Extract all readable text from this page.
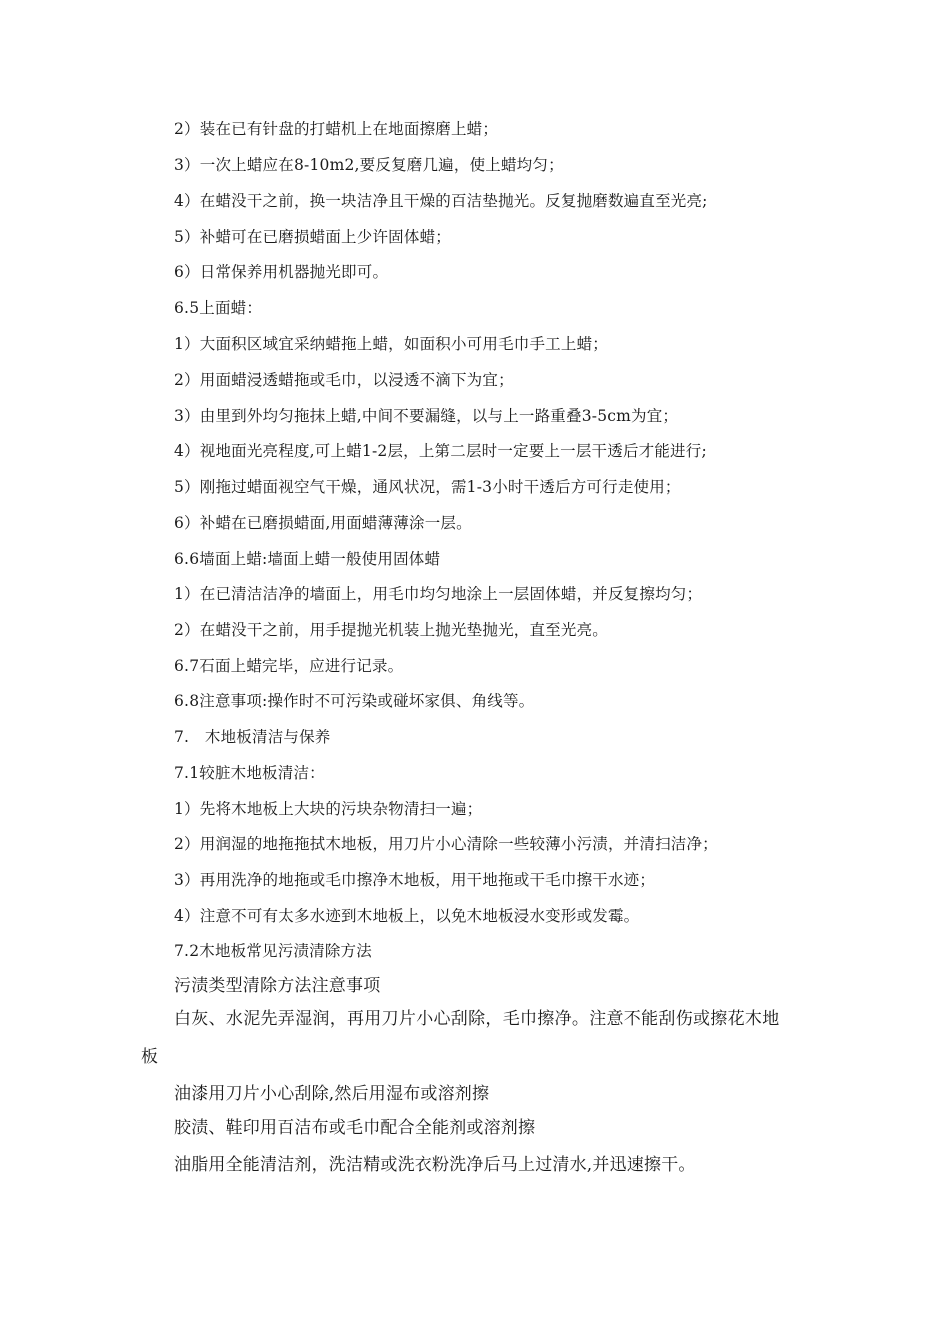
2）装在已有针盘的打蜡机上在地面擦磨上蜡；
3）一次上蜡应在8-10m2,要反复磨几遍，使上蜡均匀；
4）在蜡没干之前，换一块洁净且干燥的百洁垫抛光。反复抛磨数遍直至光亮;
5）补蜡可在已磨损蜡面上少许固体蜡；
6）日常保养用机器抛光即可。
6.5上面蜡：
1）大面积区域宜采纳蜡拖上蜡，如面积小可用毛巾手工上蜡；
2）用面蜡浸透蜡拖或毛巾，以浸透不滴下为宜；
3）由里到外均匀拖抹上蜡,中间不要漏缝，以与上一路重叠3-5cm为宜；
4）视地面光亮程度,可上蜡1-2层，上第二层时一定要上一层干透后才能进行;
5）刚拖过蜡面视空气干燥，通风状况，需1-3小时干透后方可行走使用；
6）补蜡在已磨损蜡面,用面蜡薄薄涂一层。
6.6墙面上蜡:墙面上蜡一般使用固体蜡
1）在已清洁洁净的墙面上，用毛巾均匀地涂上一层固体蜡，并反复擦均匀；
2）在蜡没干之前，用手提抛光机装上抛光垫抛光，直至光亮。
6.7石面上蜡完毕，应进行记录。
6.8注意事项:操作时不可污染或碰坏家俱、角线等。
7.　木地板清洁与保养
7.1较脏木地板清洁：
1）先将木地板上大块的污块杂物清扫一遍；
2）用润湿的地拖拖拭木地板，用刀片小心清除一些较薄小污渍，并清扫洁净；
3）再用洗净的地拖或毛巾擦净木地板，用干地拖或干毛巾擦干水迹；
4）注意不可有太多水迹到木地板上，以免木地板浸水变形或发霉。
7.2木地板常见污渍清除方法
污渍类型清除方法注意事项
白灰、水泥先弄湿润，再用刀片小心刮除，毛巾擦净。注意不能刮伤或擦花木地
板
油漆用刀片小心刮除,然后用湿布或溶剂擦
胶渍、鞋印用百洁布或毛巾配合全能剂或溶剂擦
油脂用全能清洁剂，洗洁精或洗衣粉洗净后马上过清水,并迅速擦干。
